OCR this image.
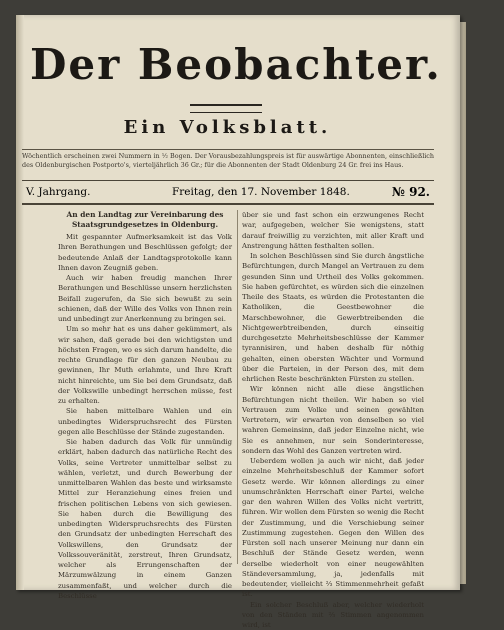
Der Beobachter.
Ein Volksblatt.
Wöchentlich erscheinen zwei Nummern in ½ Bogen. Der Vorausbezahlungspreis ist für auswärtige Abonnenten, einschließlich des Oldenburgischen Postporto's, vierteljährlich 36 Gr.; für die Abonnenten der Stadt Oldenburg 24 Gr. frei ins Haus.
V. Jahrgang.	Freitag, den 17. November 1848.	№ 92.
An den Landtag zur Vereinbarung des Staatsgrundgesetzes in Oldenburg.

Mit gespannter Aufmerksamkeit ist das Volk Ihren Berathungen und Beschlüssen gefolgt; der bedeutende Anlaß der Landtagsprotokolle kann Ihnen davon Zeugniß geben.

Auch wir haben freudig manchen Ihrer Berathungen und Beschlüsse unsern herzlichsten Beifall zugerufen, da Sie sich bewußt zu sein schienen, daß der Wille des Volks von Ihnen rein und unbedingt zur Anerkennung zu bringen sei.

Um so mehr hat es uns daher gekümmert, als wir sahen, daß gerade bei den wichtigsten und höchsten Fragen, wo es sich darum handelte, die rechte Grundlage für den ganzen Neubau zu gewinnen, Ihr Muth erlahmte, und Ihre Kraft nicht hinreichte, um Sie bei dem Grundsatz, daß der Volkswille unbedingt herrschen müsse, fest zu erhalten.

Sie haben mittelbare Wahlen und ein unbedingtes Widerspruchsrecht des Fürsten gegen alle Beschlüsse der Stände zugestanden.

Sie haben dadurch das Volk für unmündig erklärt, haben dadurch das natürliche Recht des Volks, seine Vertreter unmittelbar selbst zu wählen, verletzt, und durch Bewerbung der unmittelbaren Wahlen das beste und wirksamste Mittel zur Heranziehung eines freien und frischen politischen Lebens von sich gewiesen. Sie haben durch die Bewilligung des unbedingten Widerspruchsrechts des Fürsten den Grundsatz der unbedingten Herrschaft des Volkswillens, den Grundsatz der Volkssouveränität, zerstreut, Ihren Grundsatz, welcher als Errungenschaften der Märzumwälzung in einem Ganzen zusammenfaßt, und welcher durch die Beschlüsse

über sie und fast schon ein erzwungenes Recht war, aufgegeben, welcher Sie wenigstens, statt darauf freiwillig zu verzichten, mit aller Kraft und Anstrengung hätten festhalten sollen.

In solchen Beschlüssen sind Sie durch ängstliche Befürchtungen, durch Mangel an Vertrauen zu dem gesunden Sinn und Urtheil des Volks gekommen. Sie haben gefürchtet, es würden sich die einzelnen Theile des Staats, es würden die Protestanten die Katholiken, die Geestbewohner die Marschbewohner, die Gewerbtreibenden die Nichtgewerbtreibenden, durch einseitig durchgesetzte Mehrheitsbeschlüsse der Kammer tyrannisiren, und haben deshalb für nöthig gehalten, einen obersten Wächter und Vormund über die Parteien, in der Person des, mit dem ehrlichen Reste beschränkten Fürsten zu stellen.

Wir können nicht alle diese ängstlichen Befürchtungen nicht theilen. Wir haben so viel Vertrauen zum Volke und seinen gewählten Vertretern, wir erwarten von denselben so viel wahren Gemeinsinn, daß jeder Einzelne nicht, wie Sie es annehmen, nur sein Sonderinteresse, sondern das Wohl des Ganzen vertreten wird.

Ueberdem wollen ja auch wir nicht, daß jeder einzelne Mehrheitsbeschluß der Kammer sofort Gesetz werde. Wir können allerdings zu einer unumschränkten Herrschaft einer Partei, welche gar den wahren Willen des Volks nicht vertritt, führen. Wir wollen dem Fürsten so wenig die Recht der Zustimmung, und die Verschiebung seiner Zustimmung zugestehen. Gegen den Willen des Fürsten soll nach unserer Meinung nur dann ein Beschluß der Stände Gesetz werden, wenn derselbe wiederholt von einer neugewählten Ständeversammlung, ja, jedenfalls mit bedeutender, vielleicht ⅔ Stimmenmehrheit gefaßt ist.

Ein solcher Beschluß aber, welcher wiederholt von den Ständen mit ⅔ Stimmen angenommen wird, ist
